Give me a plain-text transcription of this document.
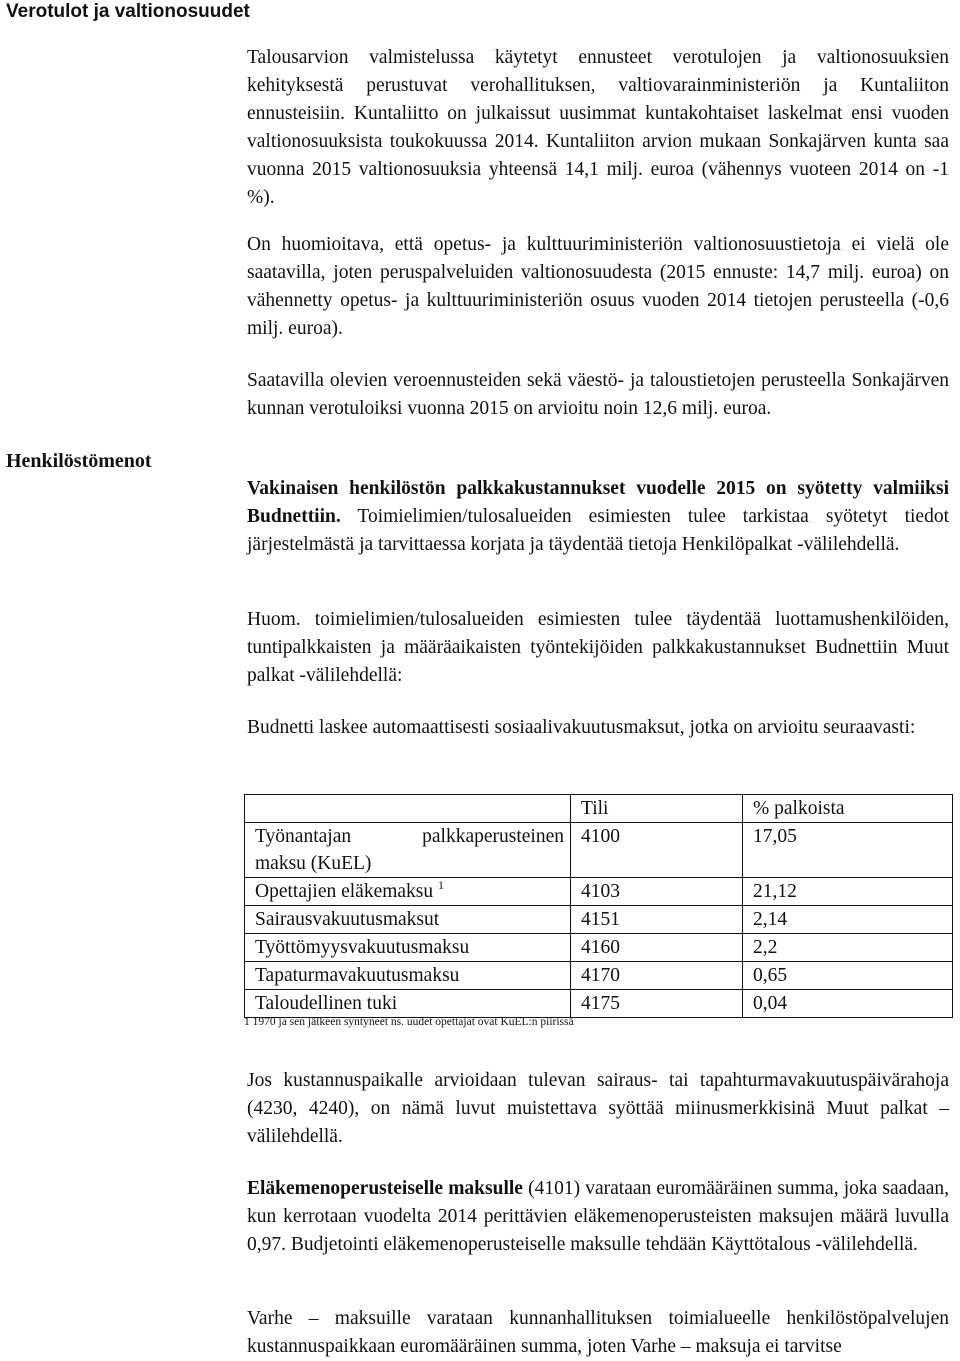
Verotulot ja valtionosuudet

Talousarvion valmistelussa käytetyt ennusteet verotulojen ja valtionosuuksien kehityksestä perustuvat verohallituksen, valtiovarainministeriön ja Kuntaliiton ennusteisiin. Kuntaliitto on julkaissut uusimmat kuntakohtaiset laskelmat ensi vuoden valtionosuuksista toukokuussa 2014. Kuntaliiton arvion mukaan Sonkajärven kunta saa vuonna 2015 valtionosuuksia yhteensä 14,1 milj. euroa (vähennys vuoteen 2014 on -1 %).

On huomioitava, että opetus- ja kulttuuriministeriön valtionosuustietoja ei vielä ole saatavilla, joten peruspalveluiden valtionosuudesta (2015 ennuste: 14,7 milj. euroa) on vähennetty opetus- ja kulttuuriministeriön osuus vuoden 2014 tietojen perusteella (-0,6 milj. euroa).

Saatavilla olevien veroennusteiden sekä väestö- ja taloustietojen perusteella Sonkajärven kunnan verotuloiksi vuonna 2015 on arvioitu noin 12,6 milj. euroa.

Henkilöstömenot

Vakinaisen henkilöstön palkkakustannukset vuodelle 2015 on syötetty valmiiksi Budnettiin. Toimielimien/tulosalueiden esimiesten tulee tarkistaa syötetyt tiedot järjestelmästä ja tarvittaessa korjata ja täydentää tietoja Henkilöpalkat -välilehdellä.

Huom. toimielimien/tulosalueiden esimiesten tulee täydentää luottamushenkilöiden, tuntipalkkaisten ja määräaikaisten työntekijöiden palkkakustannukset Budnettiin Muut palkat -välilehdellä:

Budnetti laskee automaattisesti sosiaalivakuutusmaksut, jotka on arvioitu seuraavasti:

	Tili	% palkoista

Työnantajan palkkaperusteinen
maksu (KuEL)	4100	17,05
Opettajien eläkemaksu $^1$	4103	21,12
Sairausvakuutusmaksut	4151	2,14
Työttömyysvakuutusmaksu	4160	2,2
Tapaturmavakuutusmaksu	4170	0,65
Taloudellinen tuki	4175	0,04

1 1970 ja sen jälkeen syntyneet ns. uudet opettajat ovat KuEL:n piirissä

Jos kustannuspaikalle arvioidaan tulevan sairaus- tai tapahturmavakuutuspäivärahoja (4230, 4240), on nämä luvut muistettava syöttää miinusmerkkisinä Muut palkat –välilehdellä.

Eläkemenoperusteiselle maksulle (4101) varataan euromääräinen summa, joka saadaan, kun kerrotaan vuodelta 2014 perittävien eläkemenoperusteisten maksujen määrä luvulla 0,97. Budjetointi eläkemenoperusteiselle maksulle tehdään Käyttötalous -välilehdellä.

Varhe – maksuille varataan kunnanhallituksen toimialueelle henkilöstöpalvelujen kustannuspaikkaan euromääräinen summa, joten Varhe – maksuja ei tarvitse
